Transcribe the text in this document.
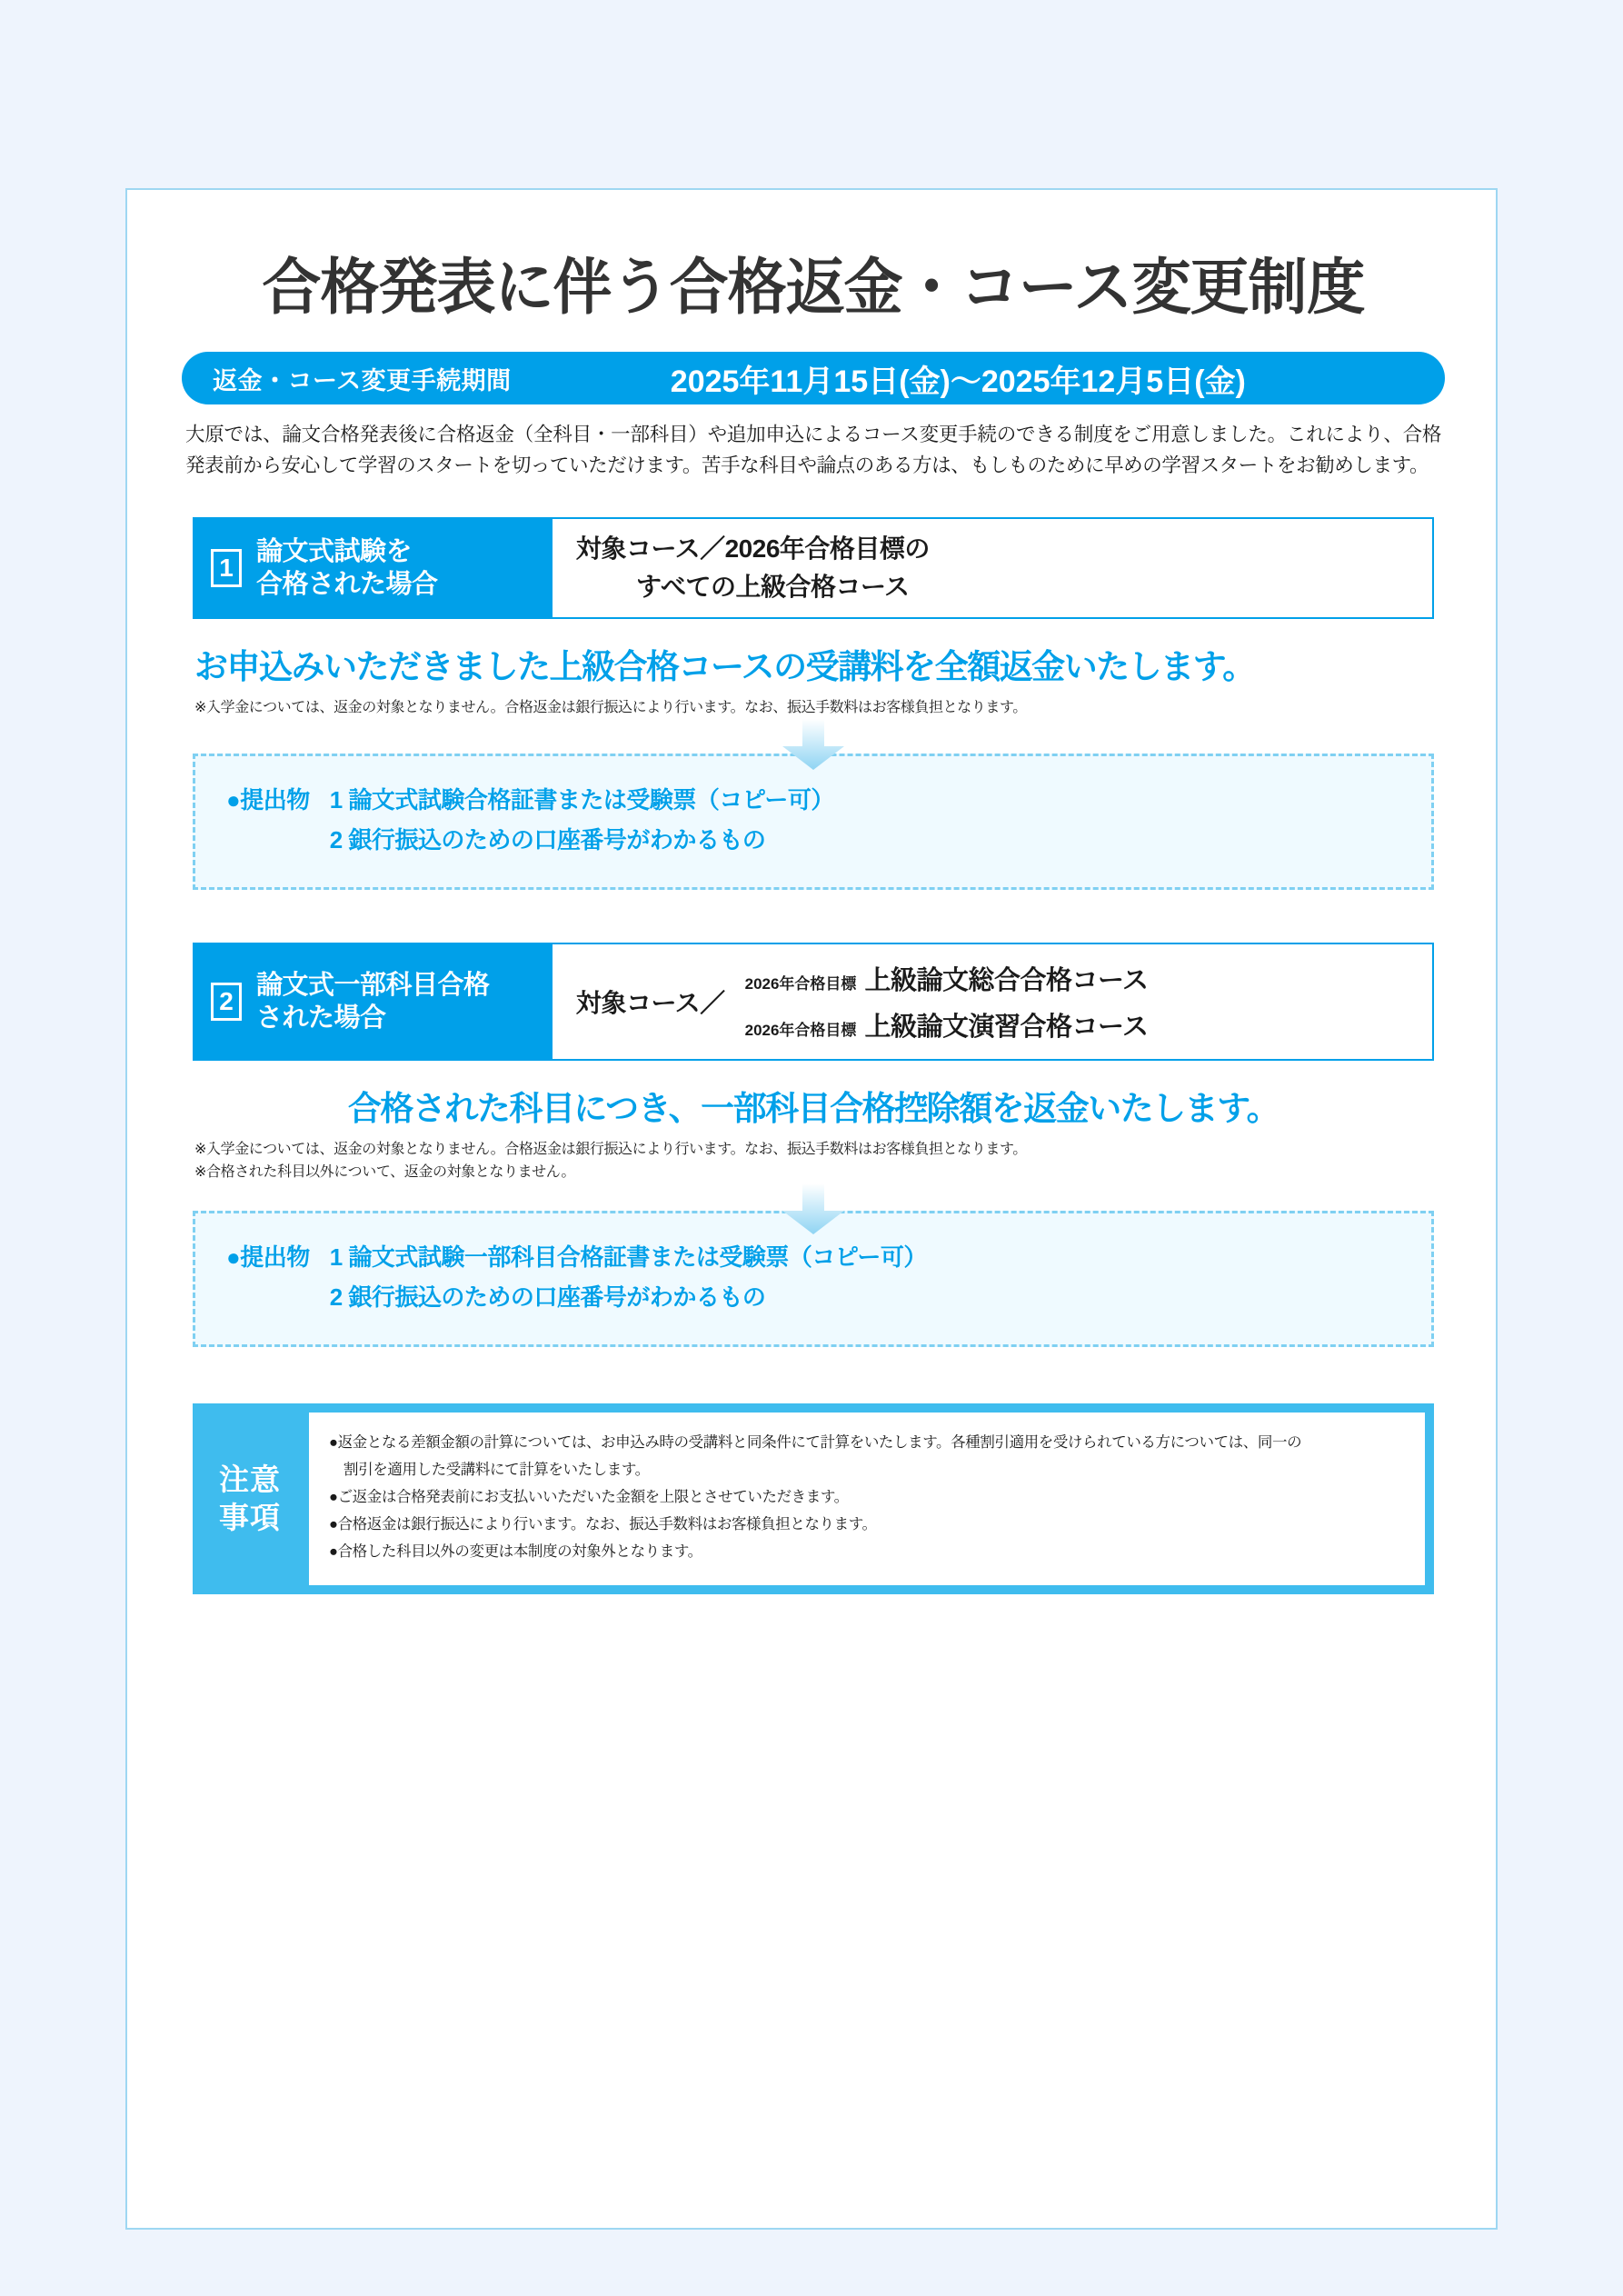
合格発表に伴う合格返金・コース変更制度
返金・コース変更手続期間	2025年11月15日(金)〜2025年12月5日(金)
大原では、論文合格発表後に合格返金（全科目・一部科目）や追加申込によるコース変更手続のできる制度をご用意しました。これにより、合格発表前から安心して学習のスタートを切っていただけます。苦手な科目や論点のある方は、もしものために早めの学習スタートをお勧めします。
1
論文式試験を
合格された場合
対象コース／2026年合格目標の
すべての上級合格コース
お申込みいただきました上級合格コースの受講料を全額返金いたします。
※入学金については、返金の対象となりません。合格返金は銀行振込により行います。なお、振込手数料はお客様負担となります。
●提出物 1 論文式試験合格証書または受験票（コピー可）
2 銀行振込のための口座番号がわかるもの
2
論文式一部科目合格
された場合
対象コース／
2026年合格目標 上級論文総合合格コース
2026年合格目標 上級論文演習合格コース
合格された科目につき、一部科目合格控除額を返金いたします。
※入学金については、返金の対象となりません。合格返金は銀行振込により行います。なお、振込手数料はお客様負担となります。
※合格された科目以外について、返金の対象となりません。
●提出物 1 論文式試験一部科目合格証書または受験票（コピー可）
2 銀行振込のための口座番号がわかるもの
注意
事項
●返金となる差額金額の計算については、お申込み時の受講料と同条件にて計算をいたします。各種割引適用を受けられている方については、同一の
割引を適用した受講料にて計算をいたします。
●ご返金は合格発表前にお支払いいただいた金額を上限とさせていただきます。
●合格返金は銀行振込により行います。なお、振込手数料はお客様負担となります。
●合格した科目以外の変更は本制度の対象外となります。
